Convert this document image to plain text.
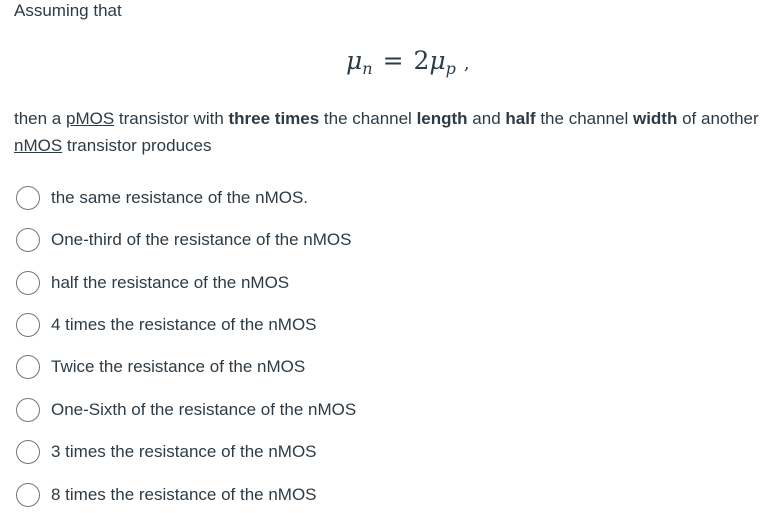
Assuming that
$\mu_n = 2\mu_p$ ,
then a pMOS transistor with three times the channel length and half the channel width of another nMOS transistor produces
the same resistance of the nMOS.
One-third of the resistance of the nMOS
half the resistance of the nMOS
4 times the resistance of the nMOS
Twice the resistance of the nMOS
One-Sixth of the resistance of the nMOS
3 times the resistance of the nMOS
8 times the resistance of the nMOS
